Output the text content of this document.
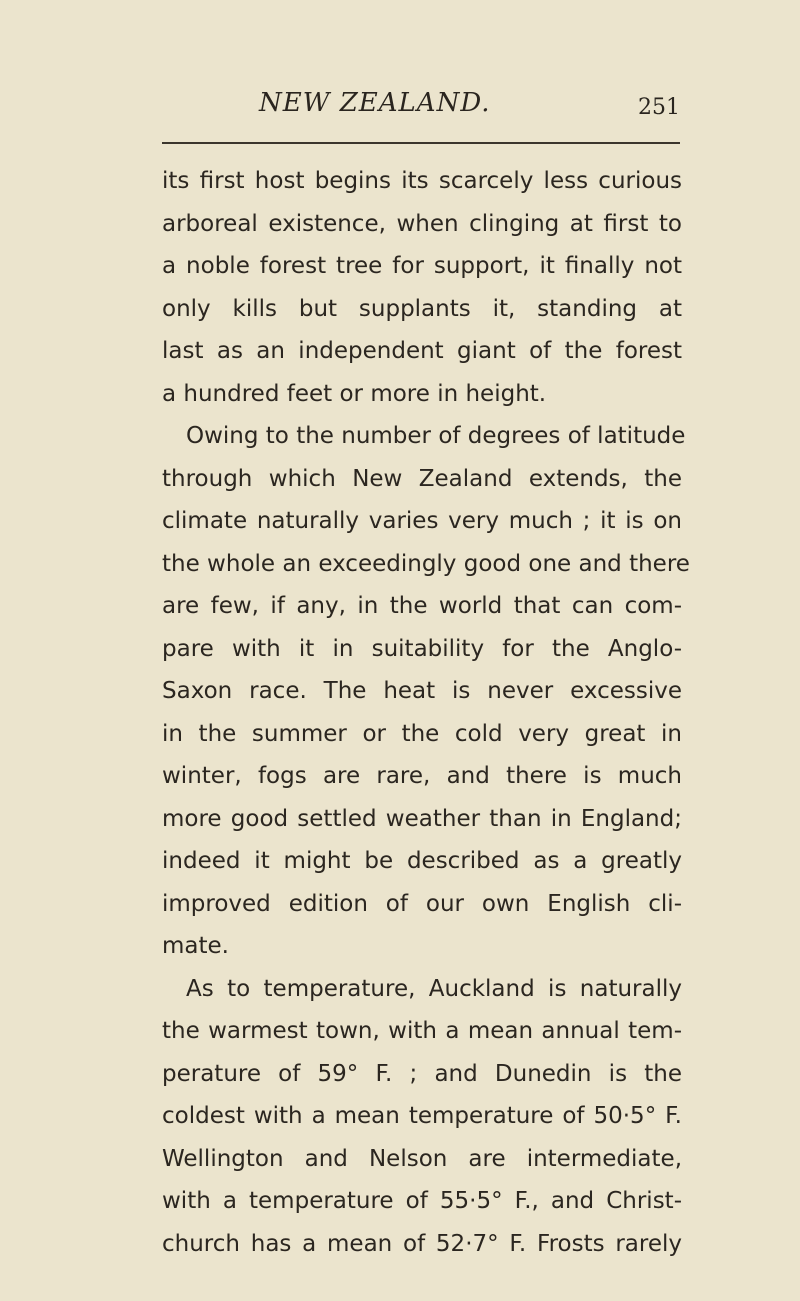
NEW ZEALAND.	251
its first host begins its scarcely less curious
arboreal existence, when clinging at first to
a noble forest tree for support, it finally not
only kills but supplants it, standing at
last as an independent giant of the forest
a hundred feet or more in height.
Owing to the number of degrees of latitude
through which New Zealand extends, the
climate naturally varies very much ; it is on
the whole an exceedingly good one and there
are few, if any, in the world that can com-
pare with it in suitability for the Anglo-
Saxon race. The heat is never excessive
in the summer or the cold very great in
winter, fogs are rare, and there is much
more good settled weather than in England;
indeed it might be described as a greatly
improved edition of our own English cli-
mate.
As to temperature, Auckland is naturally
the warmest town, with a mean annual tem-
perature of 59° F. ; and Dunedin is the
coldest with a mean temperature of 50·5° F.
Wellington and Nelson are intermediate,
with a temperature of 55·5° F., and Christ-
church has a mean of 52·7° F. Frosts rarely
